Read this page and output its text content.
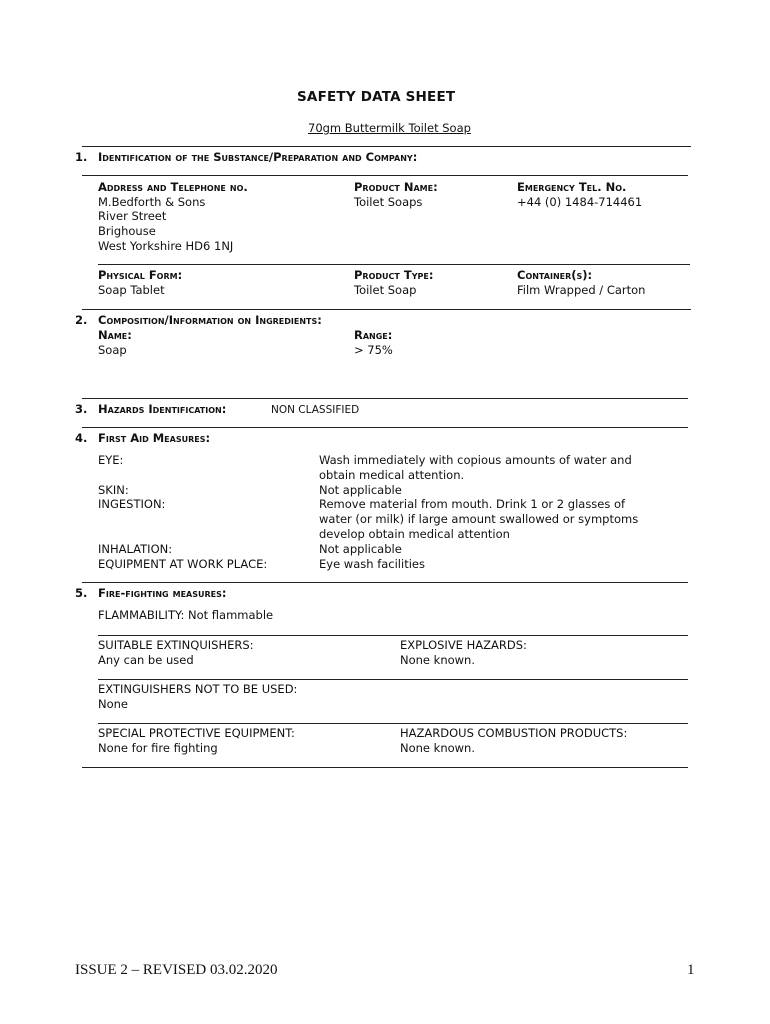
SAFETY DATA SHEET
70gm Buttermilk Toilet Soap
1. Identification of the Substance/Preparation and Company:
Address and Telephone no.
M.Bedforth & Sons
River Street
Brighouse
West Yorkshire HD6 1NJ
Product Name:
Toilet Soaps
Emergency Tel. No.
+44 (0) 1484-714461
Physical Form:
Soap Tablet
Product Type:
Toilet Soap
Container(s):
Film Wrapped / Carton
2. Composition/Information on Ingredients:
Name:
Soap
Range:
> 75%
3. Hazards Identification:	NON CLASSIFIED
4. First Aid Measures:
EYE:	Wash immediately with copious amounts of water and
obtain medical attention.
SKIN:	Not applicable
INGESTION:	Remove material from mouth. Drink 1 or 2 glasses of
water (or milk) if large amount swallowed or symptoms
develop obtain medical attention
INHALATION:	Not applicable
EQUIPMENT AT WORK PLACE:	Eye wash facilities
5. Fire-fighting measures:
FLAMMABILITY: Not flammable
SUITABLE EXTINQUISHERS:
Any can be used
EXPLOSIVE HAZARDS:
None known.
EXTINGUISHERS NOT TO BE USED:
None
SPECIAL PROTECTIVE EQUIPMENT:
None for fire fighting
HAZARDOUS COMBUSTION PRODUCTS:
None known.
ISSUE 2 – REVISED 03.02.2020	1
